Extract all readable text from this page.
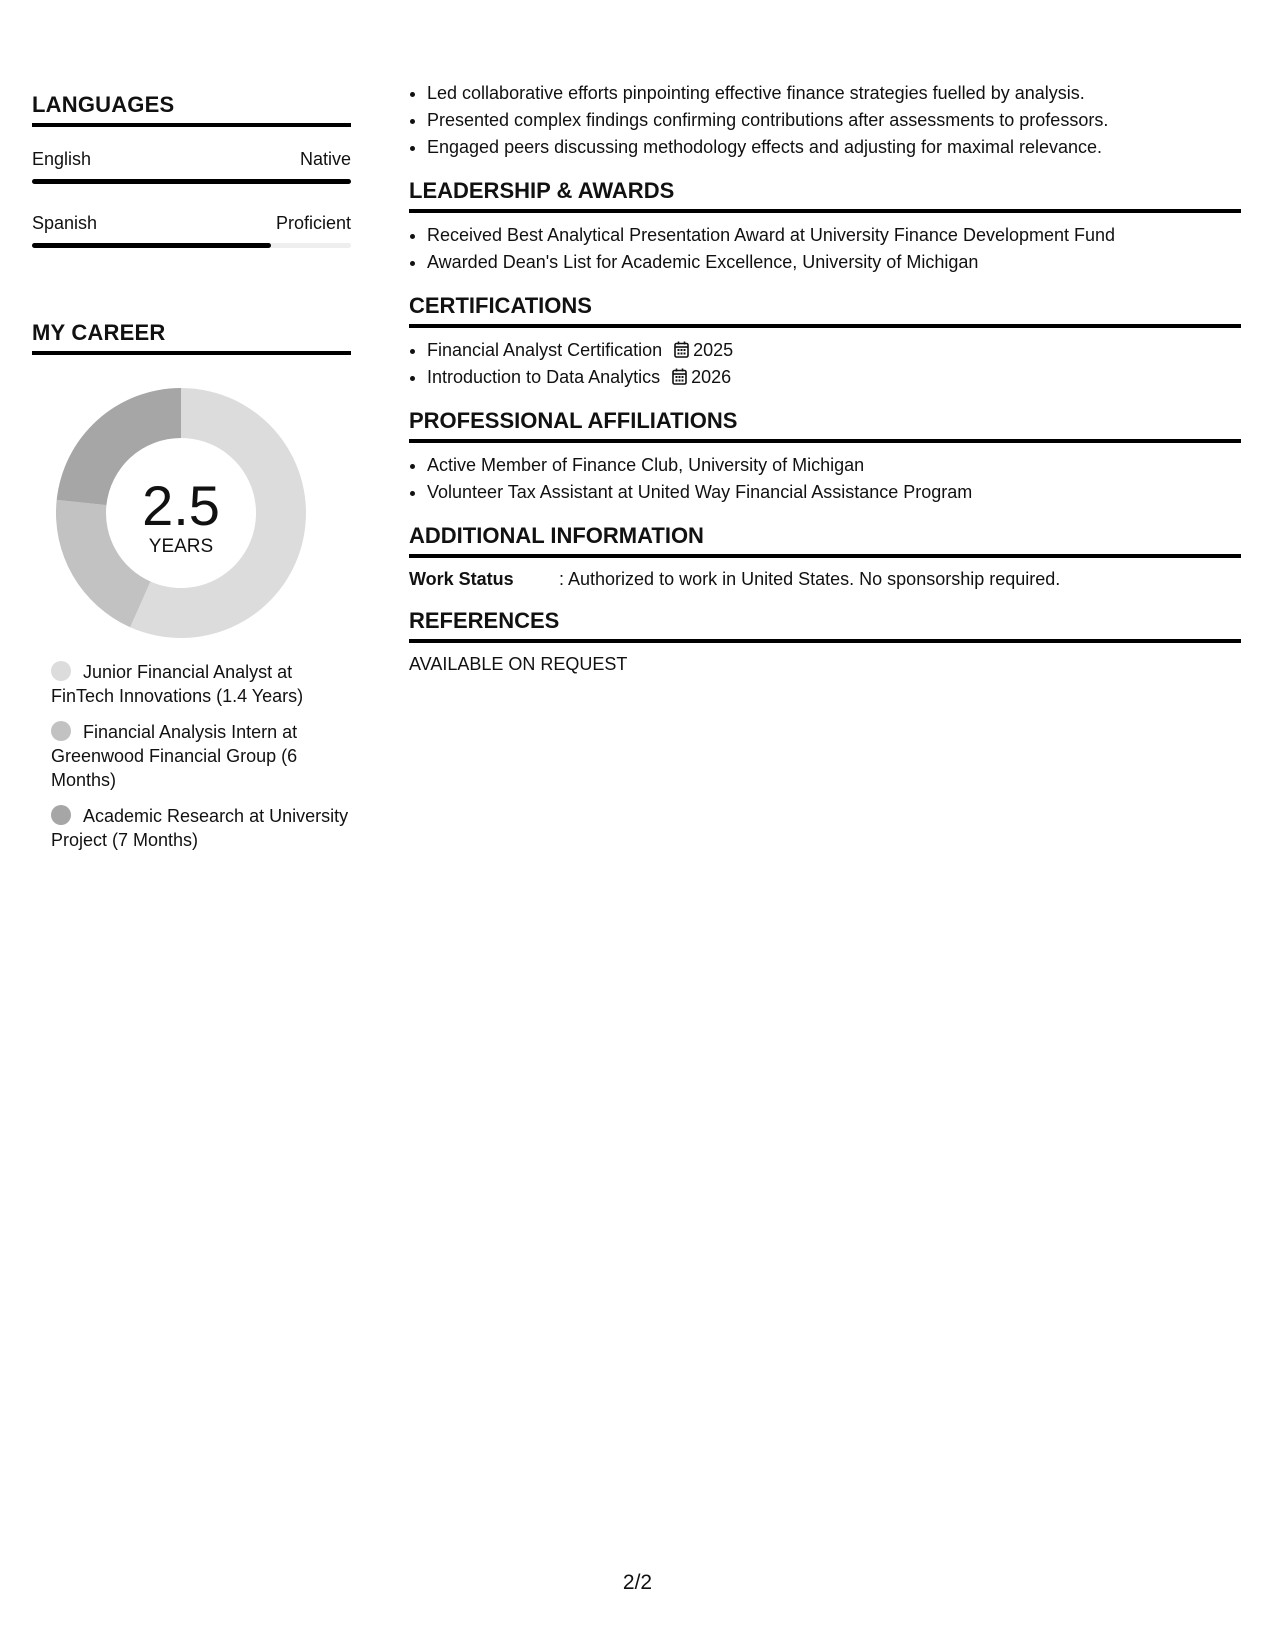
LANGUAGES
English	Native
Spanish	Proficient
MY CAREER
2.5
YEARS
Junior Financial Analyst at FinTech Innovations (1.4 Years)
Financial Analysis Intern at Greenwood Financial Group (6 Months)
Academic Research at University Project (7 Months)
• Led collaborative efforts pinpointing effective finance strategies fuelled by analysis.
• Presented complex findings confirming contributions after assessments to professors.
• Engaged peers discussing methodology effects and adjusting for maximal relevance.
LEADERSHIP & AWARDS
• Received Best Analytical Presentation Award at University Finance Development Fund
• Awarded Dean's List for Academic Excellence, University of Michigan
CERTIFICATIONS
• Financial Analyst Certification 2025
• Introduction to Data Analytics 2026
PROFESSIONAL AFFILIATIONS
• Active Member of Finance Club, University of Michigan
• Volunteer Tax Assistant at United Way Financial Assistance Program
ADDITIONAL INFORMATION
Work Status	: Authorized to work in United States. No sponsorship required.
REFERENCES
AVAILABLE ON REQUEST
2/2
